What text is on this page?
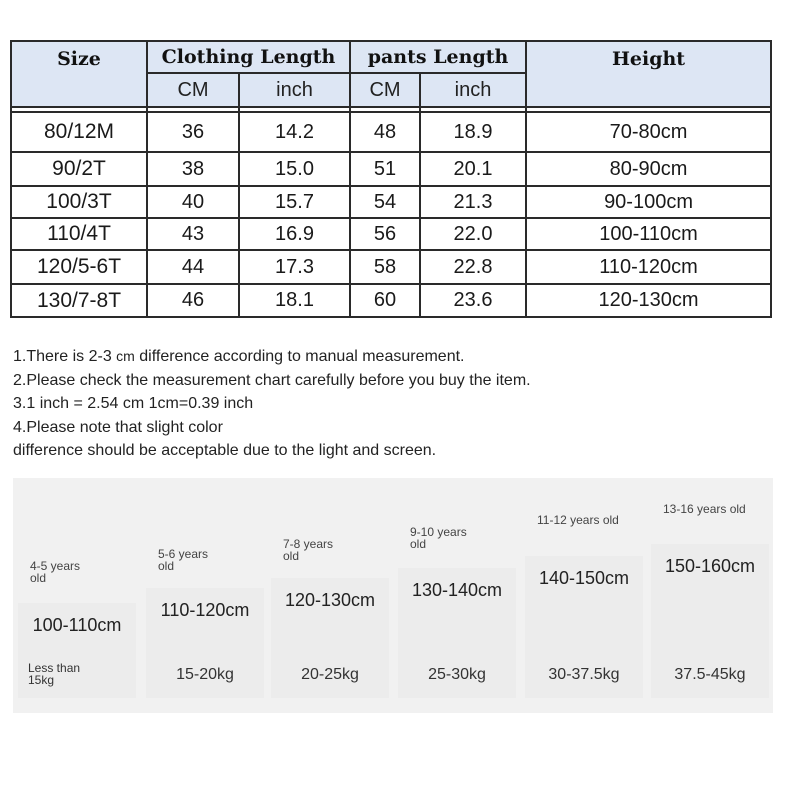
Size	Clothing Length		pants Length		Height
	CM	inch	CM	inch	

80/12M	36	14.2	48	18.9	70-80cm
90/2T	38	15.0	51	20.1	80-90cm
100/3T	40	15.7	54	21.3	90-100cm
110/4T	43	16.9	56	22.0	100-110cm
120/5-6T	44	17.3	58	22.8	110-120cm
130/7-8T	46	18.1	60	23.6	120-130cm

1.There is 2-3 cm difference according to manual measurement.

2.Please check the measurement chart carefully before you buy the item.

3.1 inch = 2.54 cm 1cm=0.39 inch

4.Please note that slight color

difference should be acceptable due to the light and screen.

4-5 years
old
100-110cm
Less than
15kg
5-6 years
old
110-120cm
15-20kg
7-8 years
old
120-130cm
20-25kg
9-10 years
old
130-140cm
25-30kg
11-12 years old
140-150cm
30-37.5kg
13-16 years old
150-160cm
37.5-45kg
